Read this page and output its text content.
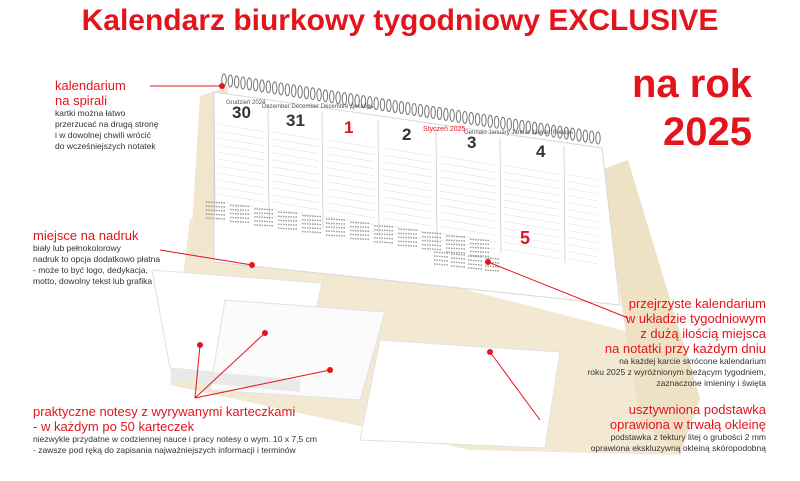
30 31 1	2	3	4
5
Grudzień 2024
Dezember December Décembre Декабрь
Styczeń 2025
Gennaio January Januar Janvier Январь
Kalendarz biurkowy tygodniowy EXCLUSIVE
na rok
2025
kalendarium
na spirali
kartki można łatwo
przerzucać na drugą stronę
i w dowolnej chwili wrócić
do wcześniejszych notatek
miejsce na nadruk
biały lub pełnokolorowy
nadruk to opcja dodatkowo płatna
- może to być logo, dedykacja,
motto, dowolny tekst lub grafika
przejrzyste kalendarium
w układzie tygodniowym
z dużą ilością miejsca
na notatki przy każdym dniu
na każdej karcie skrócone kalendarium
roku 2025 z wyróżnionym bieżącym tygodniem,
zaznaczone imieniny i święta
praktyczne notesy z wyrywanymi karteczkami
- w każdym po 50 karteczek
niezwykle przydatne w codziennej nauce i pracy notesy o wym. 10 x 7,5 cm
- zawsze pod ręką do zapisania najważniejszych informacji i terminów
usztywniona podstawka
oprawiona w trwałą okleinę
podstawka z tektury litej o grubości 2 mm
oprawiona ekskluzywną okleiną skóropodobną
